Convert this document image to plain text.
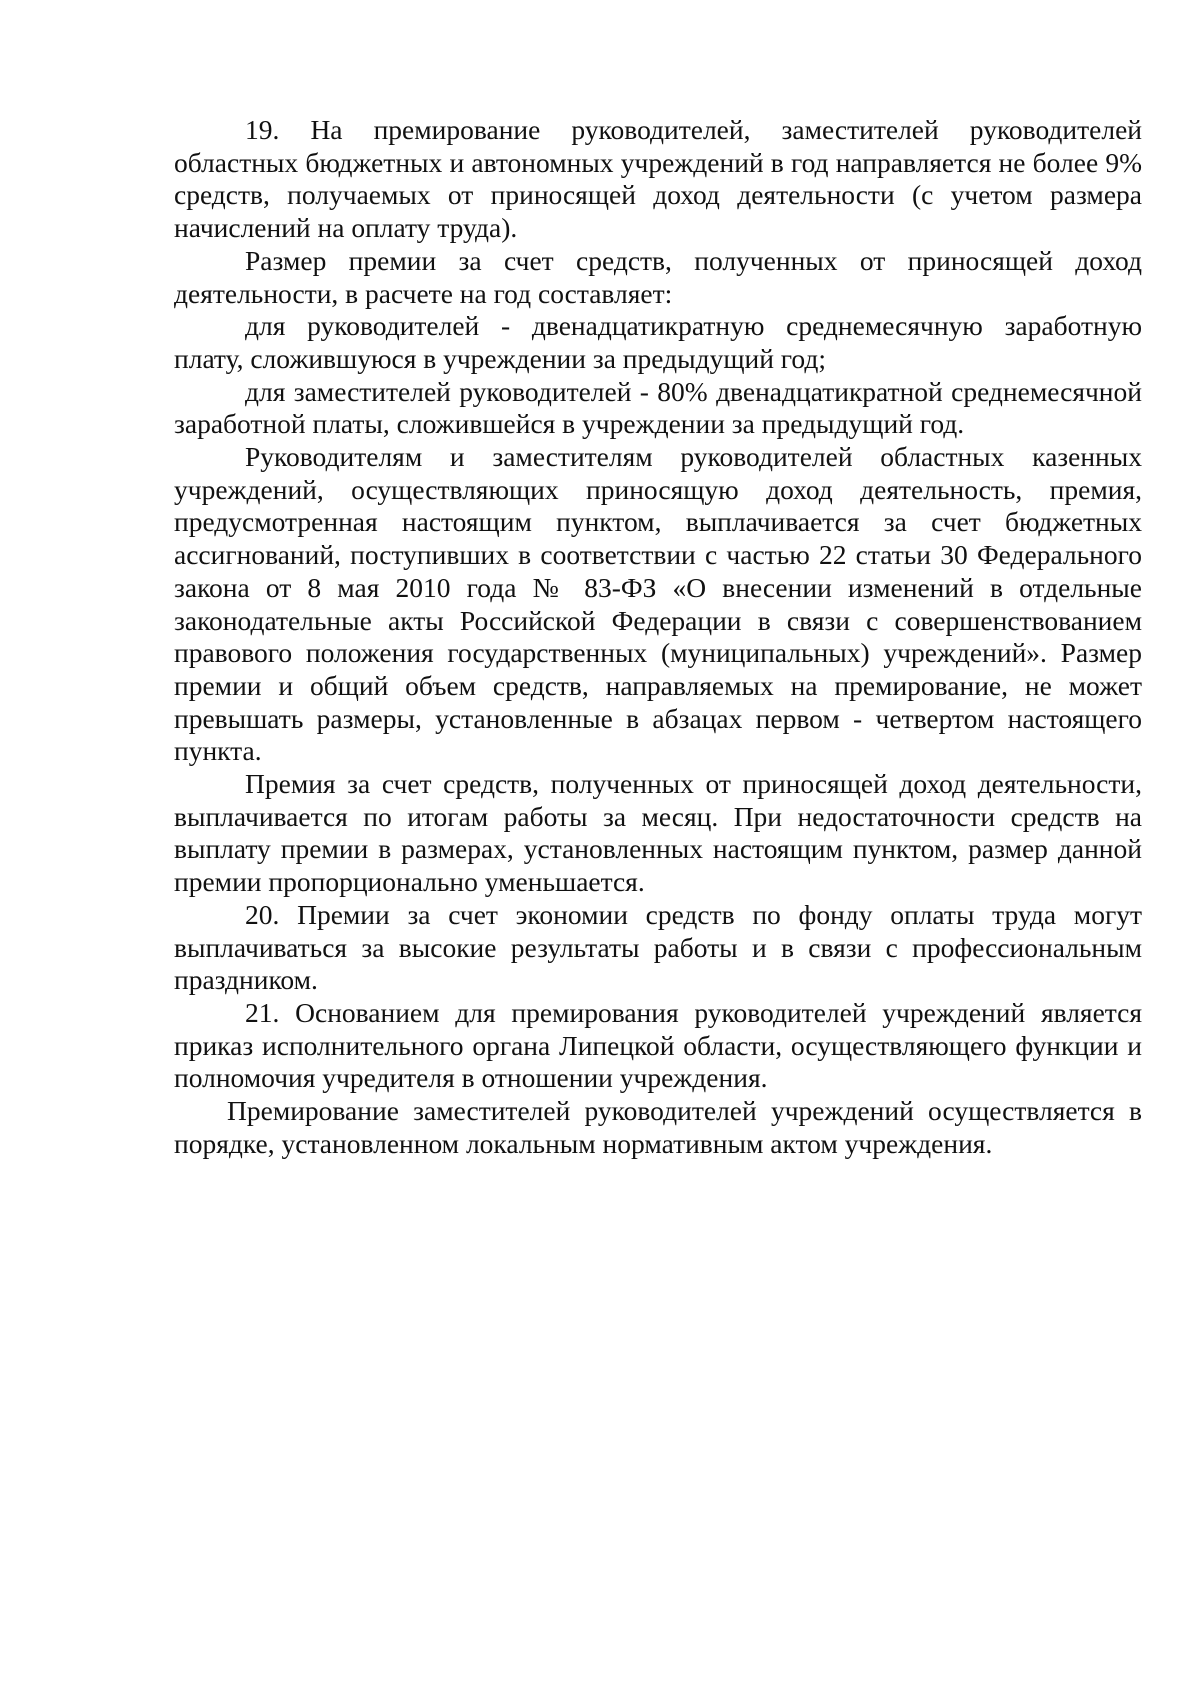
19. На премирование руководителей, заместителей руководителей областных бюджетных и автономных учреждений в год направляется не более 9% средств, получаемых от приносящей доход деятельности (с учетом размера начислений на оплату труда).

Размер премии за счет средств, полученных от приносящей доход деятельности, в расчете на год составляет:

для руководителей - двенадцатикратную среднемесячную заработную плату, сложившуюся в учреждении за предыдущий год;

для заместителей руководителей - 80% двенадцатикратной среднемесячной заработной платы, сложившейся в учреждении за предыдущий год.

Руководителям и заместителям руководителей областных казенных учреждений, осуществляющих приносящую доход деятельность, премия, предусмотренная настоящим пунктом, выплачивается за счет бюджетных ассигнований, поступивших в соответствии с частью 22 статьи 30 Федерального закона от 8 мая 2010 года № 83-ФЗ «О внесении изменений в отдельные законодательные акты Российской Федерации в связи с совершенствованием правового положения государственных (муниципальных) учреждений». Размер премии и общий объем средств, направляемых на премирование, не может превышать размеры, установленные в абзацах первом - четвертом настоящего пункта.

Премия за счет средств, полученных от приносящей доход деятельности, выплачивается по итогам работы за месяц. При недостаточности средств на выплату премии в размерах, установленных настоящим пунктом, размер данной премии пропорционально уменьшается.

20. Премии за счет экономии средств по фонду оплаты труда могут выплачиваться за высокие результаты работы и в связи с профессиональным праздником.

21. Основанием для премирования руководителей учреждений является приказ исполнительного органа Липецкой области, осуществляющего функции и полномочия учредителя в отношении учреждения.

Премирование заместителей руководителей учреждений осуществляется в порядке, установленном локальным нормативным актом учреждения.
